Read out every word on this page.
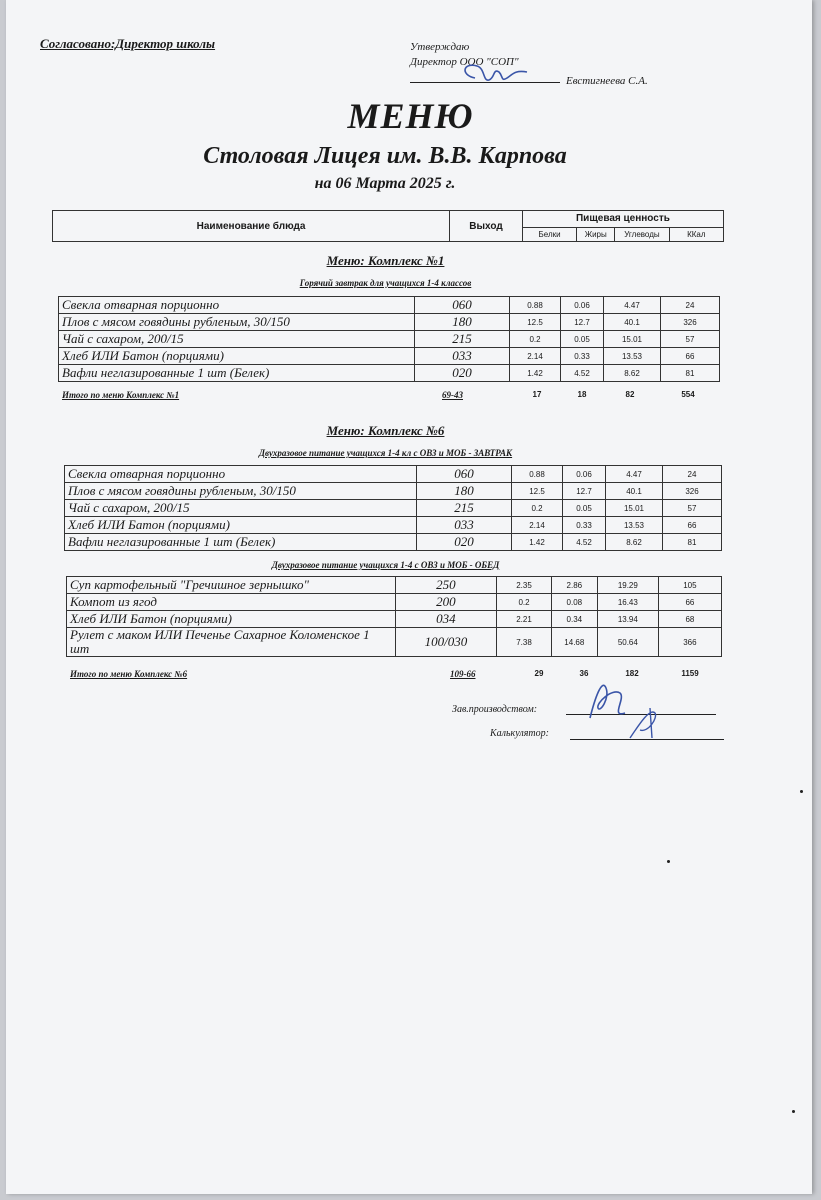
Согласовано:Директор школы	Утверждаю
Директор ООО "СОП"
Евстигнеева С.А.
МЕНЮ
Столовая Лицея им. В.В. Карпова
на 06 Марта 2025 г.
Наименование блюда	Выход	Пищевая ценность			
		Белки	Жиры	Углеводы	ККал
Меню: Комплекс №1
Горячий завтрак для учащихся 1-4 классов
Свекла отварная порционно	060	0.88	0.06	4.47	24
Плов с мясом говядины рубленым, 30/150	180	12.5	12.7	40.1	326
Чай с сахаром, 200/15	215	0.2	0.05	15.01	57
Хлеб ИЛИ Батон (порциями)	033	2.14	0.33	13.53	66
Вафли неглазированные 1 шт (Белек)	020	1.42	4.52	8.62	81
Итого по меню Комплекс №1	69-43	17	18	82	554
Меню: Комплекс №6
Двухразовое питание учащихся 1-4 кл с ОВЗ и МОБ - ЗАВТРАК
Свекла отварная порционно	060	0.88	0.06	4.47	24
Плов с мясом говядины рубленым, 30/150	180	12.5	12.7	40.1	326
Чай с сахаром, 200/15	215	0.2	0.05	15.01	57
Хлеб ИЛИ Батон (порциями)	033	2.14	0.33	13.53	66
Вафли неглазированные 1 шт (Белек)	020	1.42	4.52	8.62	81
Двухразовое питание учащихся 1-4 с ОВЗ и МОБ - ОБЕД
Суп картофельный "Гречишное зернышко"	250	2.35	2.86	19.29	105
Компот из ягод	200	0.2	0.08	16.43	66
Хлеб ИЛИ Батон (порциями)	034	2.21	0.34	13.94	68
Рулет с маком ИЛИ Печенье Сахарное Коломенское 1 шт	100/030	7.38	14.68	50.64	366
Итого по меню Комплекс №6	109-66	29	36	182	1159
Зав.производством:
Калькулятор:
